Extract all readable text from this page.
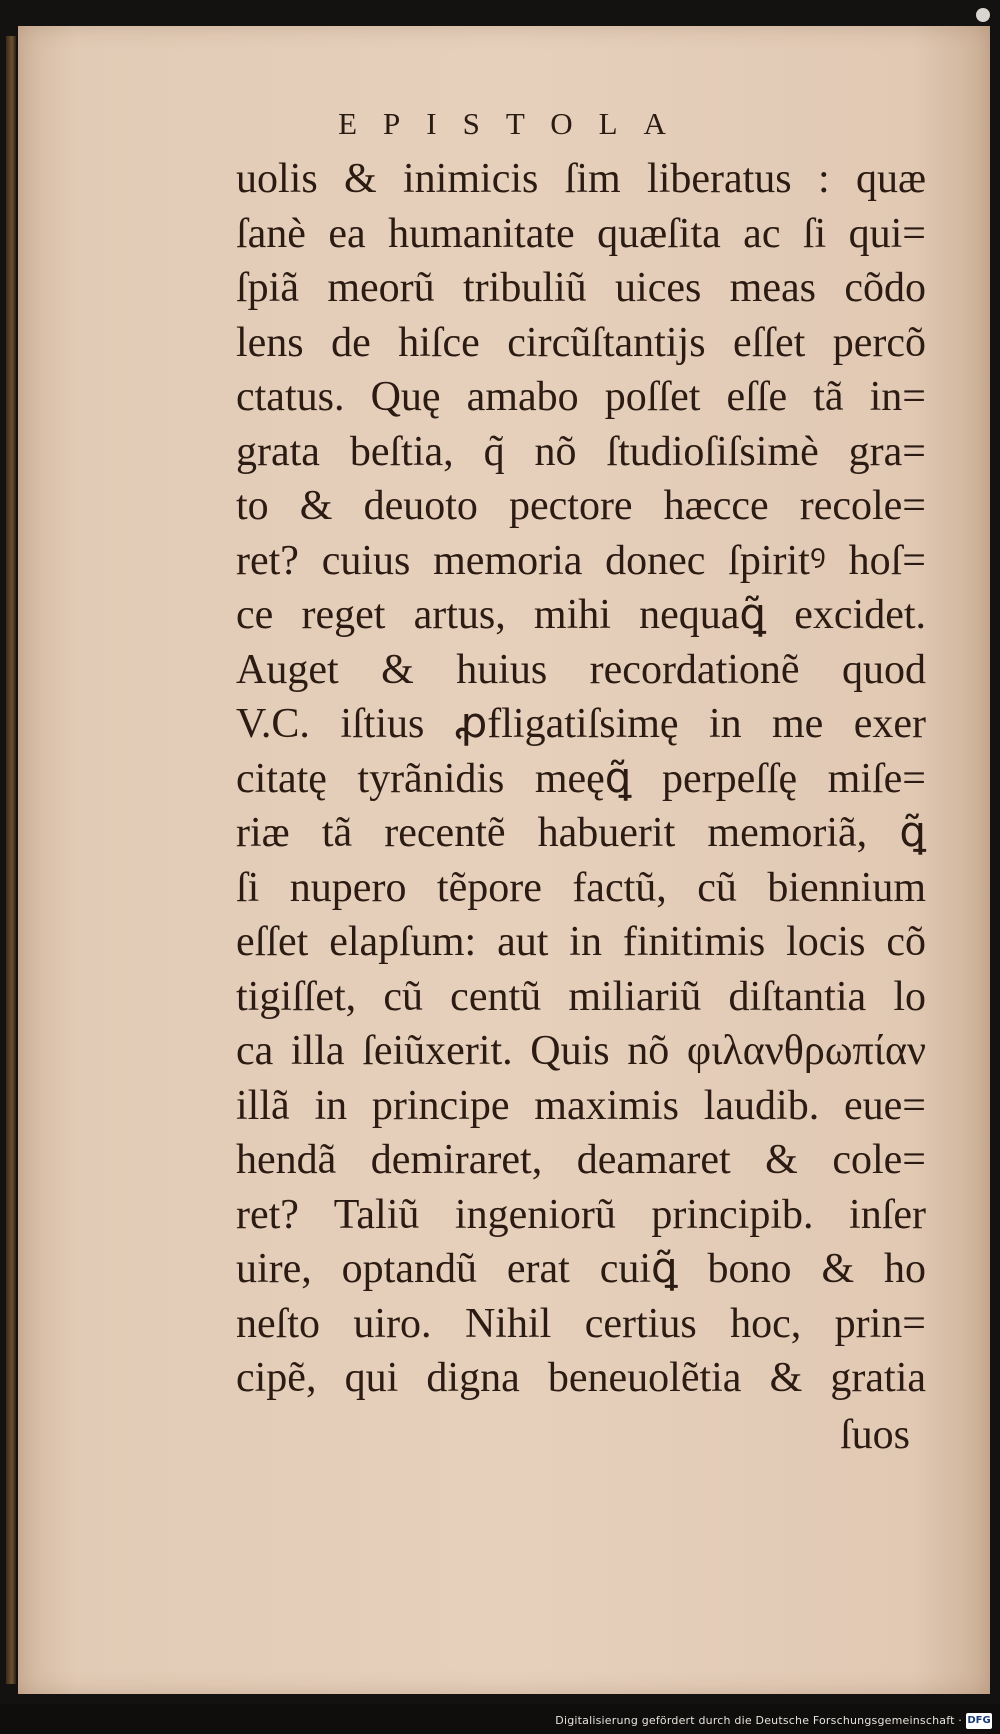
EPISTOLA
uolis & inimicis ſim liberatus : quæ
ſanè ea humanitate quæſita ac ſi qui=
ſpiã meorũ tribuliũ uices meas cõdo
lens de hiſce circũſtantijs eſſet percõ
ctatus. Quę amabo poſſet eſſe tã in=
grata beſtia, q̃ nõ ſtudioſiſsimè gra=
to & deuoto pectore hæcce recole=
ret? cuius memoria donec ſpiritꝰ hoſ=
ce reget artus, mihi nequaꝗ̃ excidet.
Auget & huius recordationẽ quod
V.C. iſtius ꝓfligatiſsimę in me exer
citatę tyrãnidis meęꝗ̃ perpeſſę miſe=
riæ tã recentẽ habuerit memoriã, ꝗ̃
ſi nupero tẽpore factũ, cũ biennium
eſſet elapſum: aut in finitimis locis cõ
tigiſſet, cũ centũ miliariũ diſtantia lo
ca illa ſeiũxerit. Quis nõ φιλανθρωπίαν
illã in principe maximis laudib. eue=
hendã demiraret, deamaret & cole=
ret? Taliũ ingeniorũ principib. inſer
uire, optandũ erat cuiꝗ̃ bono & ho
neſto uiro. Nihil certius hoc, prin=
cipẽ, qui digna beneuolẽtia & gratia
ſuos
Digitalisierung gefördert durch die Deutsche Forschungsgemeinschaft · DFG
